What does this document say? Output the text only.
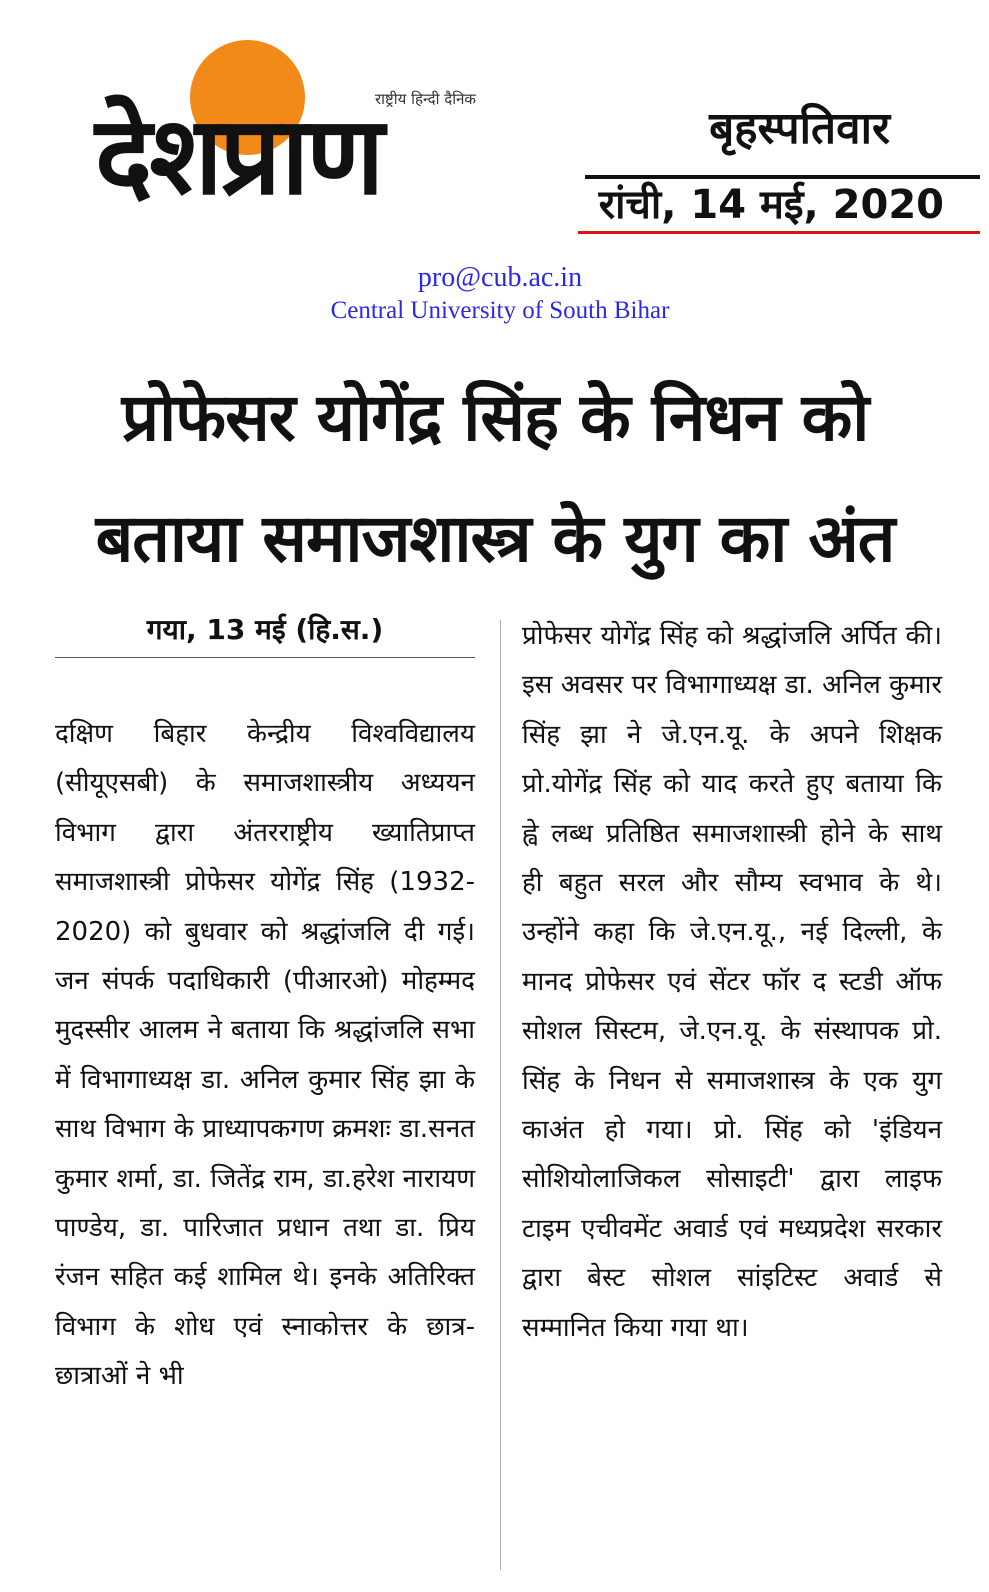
देशप्राण
राष्ट्रीय हिन्दी दैनिक
बृहस्पतिवार
रांची, 14 मई, 2020
pro@cub.ac.in
Central University of South Bihar
प्रोफेसर योगेंद्र सिंह के निधन को
बताया समाजशास्त्र के युग का अंत
गया, 13 मई (हि.स.)
दक्षिण बिहार केन्द्रीय विश्वविद्यालय (सीयूएसबी) के समाजशास्त्रीय अध्ययन विभाग द्वारा अंतरराष्ट्रीय ख्यातिप्राप्त समाजशास्त्री प्रोफेसर योगेंद्र सिंह (1932-2020) को बुधवार को श्रद्धांजलि दी गई। जन संपर्क पदाधिकारी (पीआरओ) मोहम्मद मुदस्सीर आलम ने बताया कि श्रद्धांजलि सभा में विभागाध्यक्ष डा. अनिल कुमार सिंह झा के साथ विभाग के प्राध्यापकगण क्रमशः डा.सनत कुमार शर्मा, डा. जितेंद्र राम, डा.हरेश नारायण पाण्डेय, डा. पारिजात प्रधान तथा डा. प्रिय रंजन सहित कई शामिल थे। इनके अतिरिक्त विभाग के शोध एवं स्नाकोत्तर के छात्र- छात्राओं ने भी
प्रोफेसर योगेंद्र सिंह को श्रद्धांजलि अर्पित की। इस अवसर पर विभागाध्यक्ष डा. अनिल कुमार सिंह झा ने जे.एन.यू. के अपने शिक्षक प्रो.योगेंद्र सिंह को याद करते हुए बताया कि ह्वे लब्ध प्रतिष्ठित समाजशास्त्री होने के साथ ही बहुत सरल और सौम्य स्वभाव के थे। उन्होंने कहा कि जे.एन.यू., नई दिल्ली, के मानद प्रोफेसर एवं सेंटर फॉर द स्टडी ऑफ सोशल सिस्टम, जे.एन.यू. के संस्थापक प्रो. सिंह के निधन से समाजशास्त्र के एक युग काअंत हो गया। प्रो. सिंह को 'इंडियन सोशियोलाजिकल सोसाइटी' द्वारा लाइफ टाइम एचीवमेंट अवार्ड एवं मध्यप्रदेश सरकार द्वारा बेस्ट सोशल सांइटिस्ट अवार्ड से सम्मानित किया गया था।
